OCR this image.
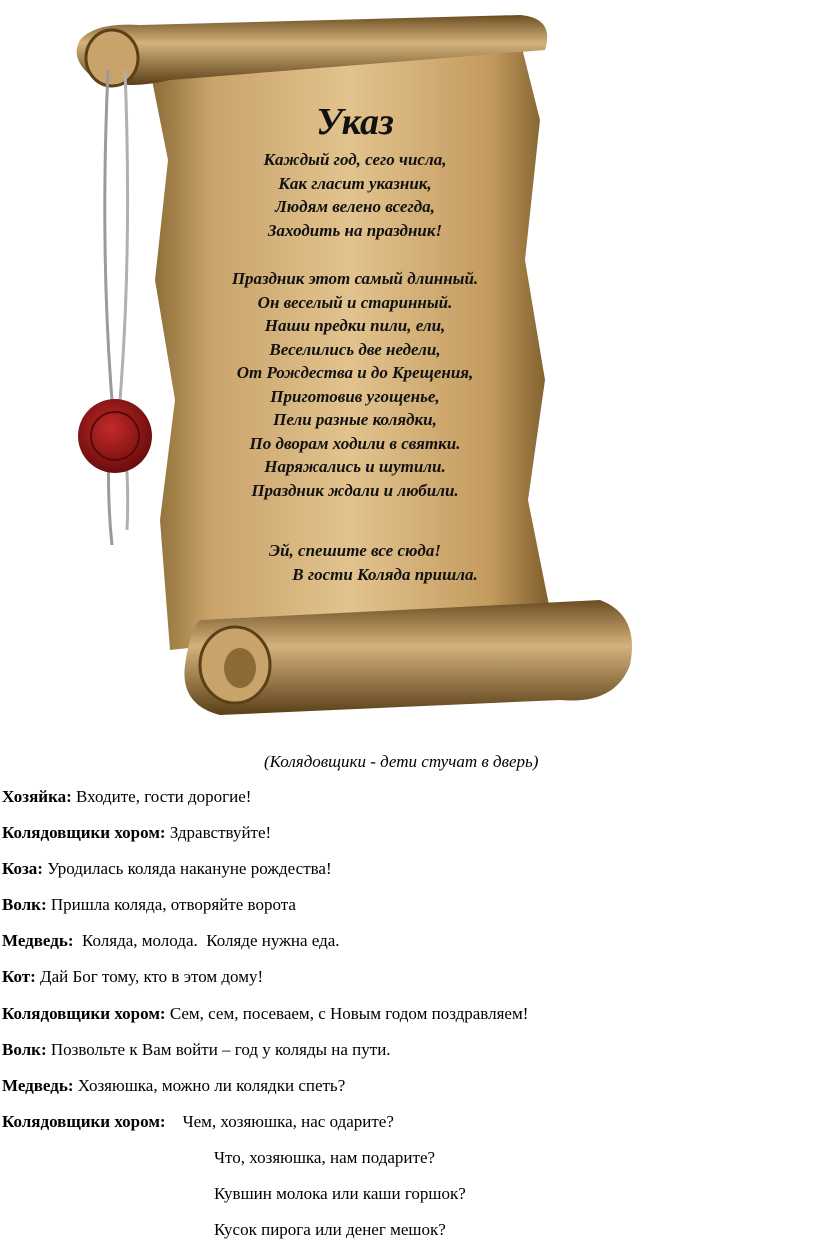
Указ
Каждый год, сего числа,
Как гласит указник,
Людям велено всегда,
Заходить на праздник!
Праздник этот самый длинный.
Он веселый и старинный.
Наши предки пили, ели,
Веселились две недели,
От Рождества и до Крещения,
Приготовив угощенье,
Пели разные колядки,
По дворам ходили в святки.
Наряжались и шутили.
Праздник ждали и любили.
Эй, спешите все сюда!
В гости Коляда пришла.
(Колядовщики - дети стучат в дверь)
Хозяйка: Входите, гости дорогие!
Колядовщики хором: Здравствуйте!
Коза: Уродилась коляда накануне рождества!
Волк: Пришла коляда, отворяйте ворота
Медведь:  Коляда, молода.  Коляде нужна еда.
Кот: Дай Бог тому, кто в этом дому!
Колядовщики хором: Сем, сем, посеваем, с Новым годом поздравляем!
Волк: Позвольте к Вам войти – год у коляды на пути.
Медведь: Хозяюшка, можно ли колядки спеть?
Колядовщики хором:    Чем, хозяюшка, нас одарите?
Что, хозяюшка, нам подарите?
Кувшин молока или каши горшок?
Кусок пирога или денег мешок?
